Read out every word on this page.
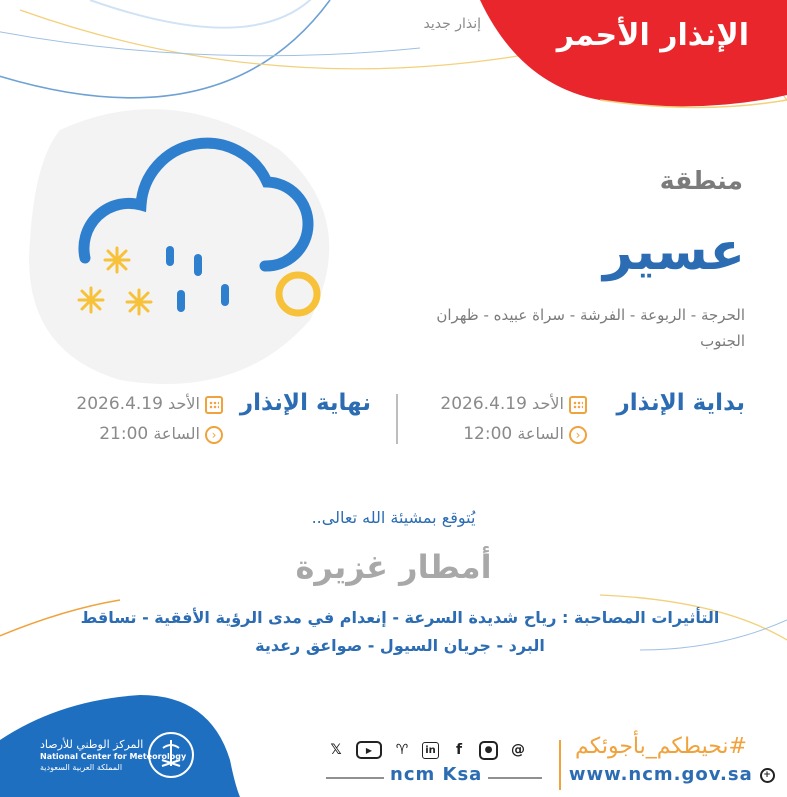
الإنذار الأحمر
إنذار جديد
منطقة
عسير
الحرجة - الربوعة - الفرشة - سراة عبيده - ظهران الجنوب
بداية الإنذار
الأحد 2026.4.19
‹ الساعة 12:00
نهاية الإنذار
الأحد 2026.4.19
‹ الساعة 21:00
يُتوقع بمشيئة الله تعالى..
أمطار غزيرة
التأثيرات المصاحبة : رياح شديدة السرعة - إنعدام في مدى الرؤية الأفقية - تساقط البرد - جريان السيول - صواعق رعدية
المركز الوطني للأرصاد
National Center for Meteorology
المملكة العربية السعودية
𝕏	▶	♈	in	f	●	@
ncm Ksa
#نحيطكم_بأجوئكم
www.ncm.gov.sa +
